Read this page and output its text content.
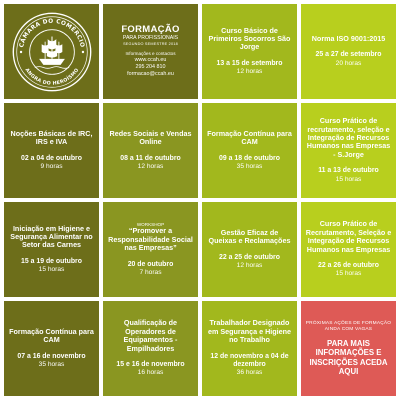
CÂMARA DO COMÉRCIO
ANGRA DO HEROÍSMO
FORMAÇÃO
PARA PROFISSIONAIS
SEGUNDO SEMESTRE 2018
Informações e contactos
www.ccah.eu
295 204 810
formacao@ccah.eu
Curso Básico de Primeiros Socorros São Jorge
13 a 15 de setembro
12 horas
Norma ISO 9001:2015
25 a 27 de setembro
20 horas
Noções Básicas de IRC, IRS e IVA
02 a 04 de outubro
9 horas
Redes Sociais e Vendas Online
08 a 11 de outubro
12 horas
Formação Contínua para CAM
09 a 18 de outubro
35 horas
Curso Prático de recrutamento, seleção e Integração de Recursos Humanos nas Empresas - S.Jorge
11 a 13 de outubro
15 horas
Iniciação em Higiene e Segurança Alimentar no Setor das Carnes
15 a 19 de outubro
15 horas
WORKSHOP
“Promover a Responsabilidade Social nas Empresas”
20 de outubro
7 horas
Gestão Eficaz de Queixas e Reclamações
22 a 25 de outubro
12 horas
Curso Prático de Recrutamento, Seleção e Integração de Recursos Humanos nas Empresas
22 a 26 de outubro
15 horas
Formação Contínua para CAM
07 a 16 de novembro
35 horas
Qualificação de Operadores de Equipamentos - Empilhadores
15 e 16 de novembro
16 horas
Trabalhador Designado em Segurança e Higiene no Trabalho
12 de novembro a 04 de dezembro
36 horas
PRÓXIMAS AÇÕES DE FORMAÇÃO AINDA COM VAGAS
PARA MAIS INFORMAÇÕES E INSCRIÇÕES ACEDA AQUI
